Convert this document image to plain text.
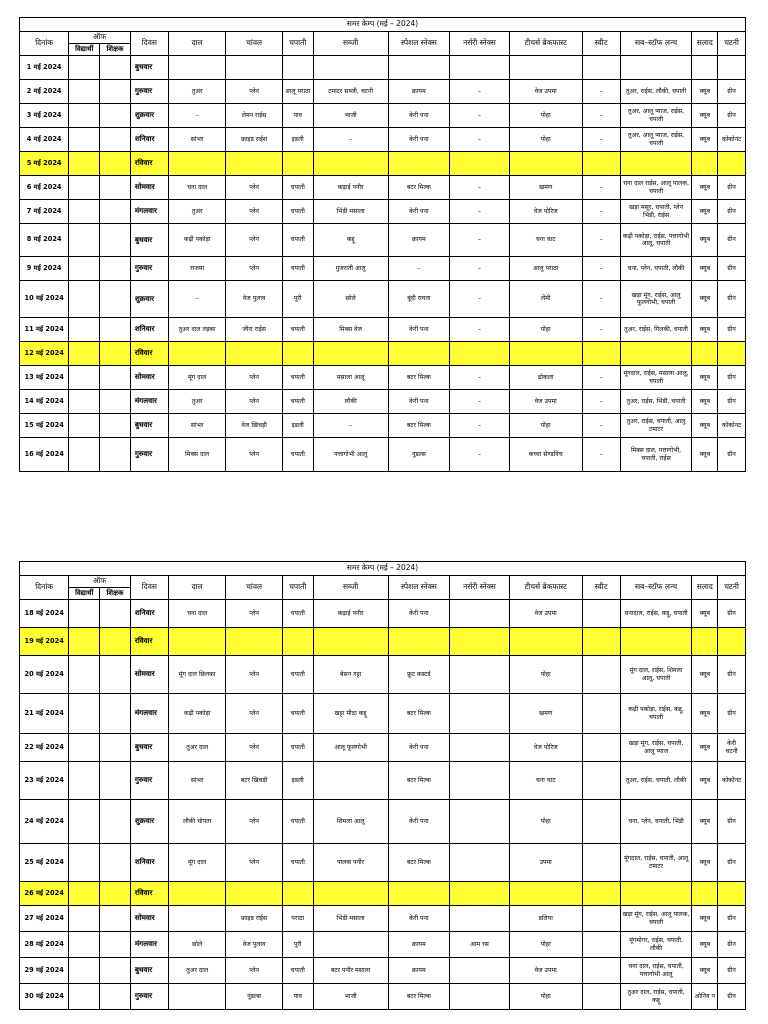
समर केम्प (मई – 2024)														
दिनांक	ऑफ		दिवस	दाल	चांवल	चपाती	सब्जी	स्पेशल स्नेक्स	नर्सरी स्नेक्स	टीचर्स ब्रेकफास्ट	स्वीट	सब–स्टॉफ लन्च	सलाद	चटनी
	विद्यार्थी	शिक्षक												
1 मई 2024			बुधवार											
2 मई 2024			गुरुवार	तुअर	प्लेन	आलू पराठा	टमाटर सब्जी, चटनी	क्रायम	–	वेज उपमा	–	तुअर, राईस, लौकी, चपाती	क्यूब	ग्रीन
3 मई 2024			शुक्रवार	–	लेमन राईस	पाव	भाजी	केरी पना	–	पोहा	–	तुअर, आलू प्याज, राईस, चपाती	क्यूब	ग्रीन
4 मई 2024			शनिवार	सांभर	फ्राइड राईस	इडली	–	केरी पना	–	पोहा	–	तुअर, आलू प्याज, राईस, चपाती	क्यूब	कोकोनट
5 मई 2024			रविवार											
6 मई 2024			सोमवार	चना दाल	प्लेन	चपाती	कढ़ाई पनीर	बटर मिल्क	–	खमण	–	चना दाल राईस, आलू पालक, चपाती	क्यूब	ग्रीन
7 मई 2024			मंगलवार	तुअर	प्लेन	चपाती	भिंडी मसाला	केरी पना	–	वेज पोरिज	–	खड़ा मसूर, चपाती, प्लेन भिंडी, राईस	क्यूब	ग्रीन
8 मई 2024			बुधवार	कढ़ी पकोड़ा	प्लेन	चपाती	कद्दू	क्रायम	–	चना चाट	–	कढ़ी पकोड़ा, राईस, पत्तागोभी आलू, चपाती	क्यूब	ग्रीन
9 मई 2024			गुरुवार	राजमा	प्लेन	चपाती	गुजराती आलु	–	–	आलु पराठा	–	चना, प्लेन, चपाती, लौकी	क्यूब	ग्रीन
10 मई 2024			शुक्रवार	–	वेज पुलाव	पूरी	छोले	बूंदी रायता	–	लेंमी	–	खड़ा मूंग, राईस, आलु फूलगोभी, चपाती	क्यूब	ग्रीन
11 मई 2024			शनिवार	तुअर दाल तड़का	जीरा राईस	चपाती	मिक्स वेज	केरी पना	–	पोहा	–	तुअर, राईस, गिलकी, चपाती	क्यूब	ग्रीन
12 मई 2024			रविवार											
13 मई 2024			सोमवार	मूंग दाल	प्लेन	चपाती	मसाला आलू	बटर मिल्क	–	ढोकला	–	मूंगदाल, राईस, मसाला आलू, चपाती	क्यूब	ग्रीन
14 मई 2024			मंगलवार	तुअर	प्लेन	चपाती	लौकी	केरी पना	–	वेज उपमा	–	तुअर, राईस, भिंडी, चपाती	क्यूब	ग्रीन
15 मई 2024			बुधवार	सांभर	वेज खिचड़ी	इडली	–	बटर मिल्क	–	पोहा	–	तुअर, राईस, चपाती, आलु टमाटर	क्यूब	कोकोनट
16 मई 2024			गुरुवार	मिक्स दाल	प्लेन	चपाती	पत्तागोभी आलू	नूडल्स	–	कच्चा सेण्डविच	–	मिक्स दाल, पत्तागोभी, चपाती, राईस	क्यूब	ग्रीन
समर केम्प (मई – 2024)														
दिनांक	ऑफ		दिवस	दाल	चांवल	चपाती	सब्जी	स्पेशल स्नेक्स	नर्सरी स्नेक्स	टीचर्स ब्रेकफास्ट	स्वीट	सब–स्टॉफ लन्च	सलाद	चटनी
	विद्यार्थी	शिक्षक												
18 मई 2024			शनिवार	चना दाल	प्लेन	चपाती	कढ़ाई पनीर	केरी पना		वेज उपमा		चनादाल, राईस, कद्दू, चपाती	क्यूब	ग्रीन
19 मई 2024			रविवार											
20 मई 2024			सोमवार	मूंग दाल छिलका	प्लेन	चपाती	बेसन गट्टा	फ्रूट कस्टर्ड		पोहा		मूंग दाल, राईस, शिमला आलू, चपाती	क्यूब	ग्रीन
21 मई 2024			मंगलवार	कढ़ी पकोड़ा	प्लेन	चपाती	खट्टा मीठा कद्दू	बटर मिल्क		खमण		कढ़ी पकोड़ा, राईस, कद्दू, चपाती	क्यूब	ग्रीन
22 मई 2024			बुधवार	तुअर दाल	प्लेन	चपाती	आलू फूलगोभी	केरी पना		वेज पोरिज		खड़ा मूंग, राईस, चपाती, आलू प्याज	क्यूब	केरी चटनी
23 मई 2024			गुरुवार	सांभर	बटर खिचड़ी	इडली		बटर मिल्क		चना चाट		तुअर, राईस, चपाती, लौकी	क्यूब	कोकोनट
24 मई 2024			शुक्रवार	लौकी चोपता	प्लेन	चपाती	शिमला आलू	केरी पना		पोहा		चना, प्लेन, चपाती, भिंडी	क्यूब	ग्रीन
25 मई 2024			शनिवार	मूंग दाल	प्लेन	चपाती	पालक पनीर	बटर मिल्क		उपमा		मूंगदाल, राईस, चपाती, आलू टमाटर	क्यूब	ग्रीन
26 मई 2024			रविवार											
27 मई 2024			सोमवार		फ्राइड राईस	पराठा	भिंडी मसाला	केरी पना		डलिया		खड़ा मूंग, राईस, आलु पालक, चपाती	क्यूब	ग्रीन
28 मई 2024			मंगलवार	छोले	वेज पुलाव	पूरी		क्रायम	आम रस	पोहा		मूंगमोगर, राईस, चपाती, लौकी	क्यूब	ग्रीन
29 मई 2024			बुधवार	तुअर दाल	प्लेन	चपाती	बटर पनीर मसाला	क्रायम		वेज उपमा		चना दाल, राईस, चपाती, पत्तागोभी आलू	क्यूब	ग्रीन
30 मई 2024			गुरुवार		नूडल्स	पाव	भाजी	बटर मिल्क		पोहा		तुअर दाल, राईस, चपाती, कद्दू	ओनिय न	ग्रीन
